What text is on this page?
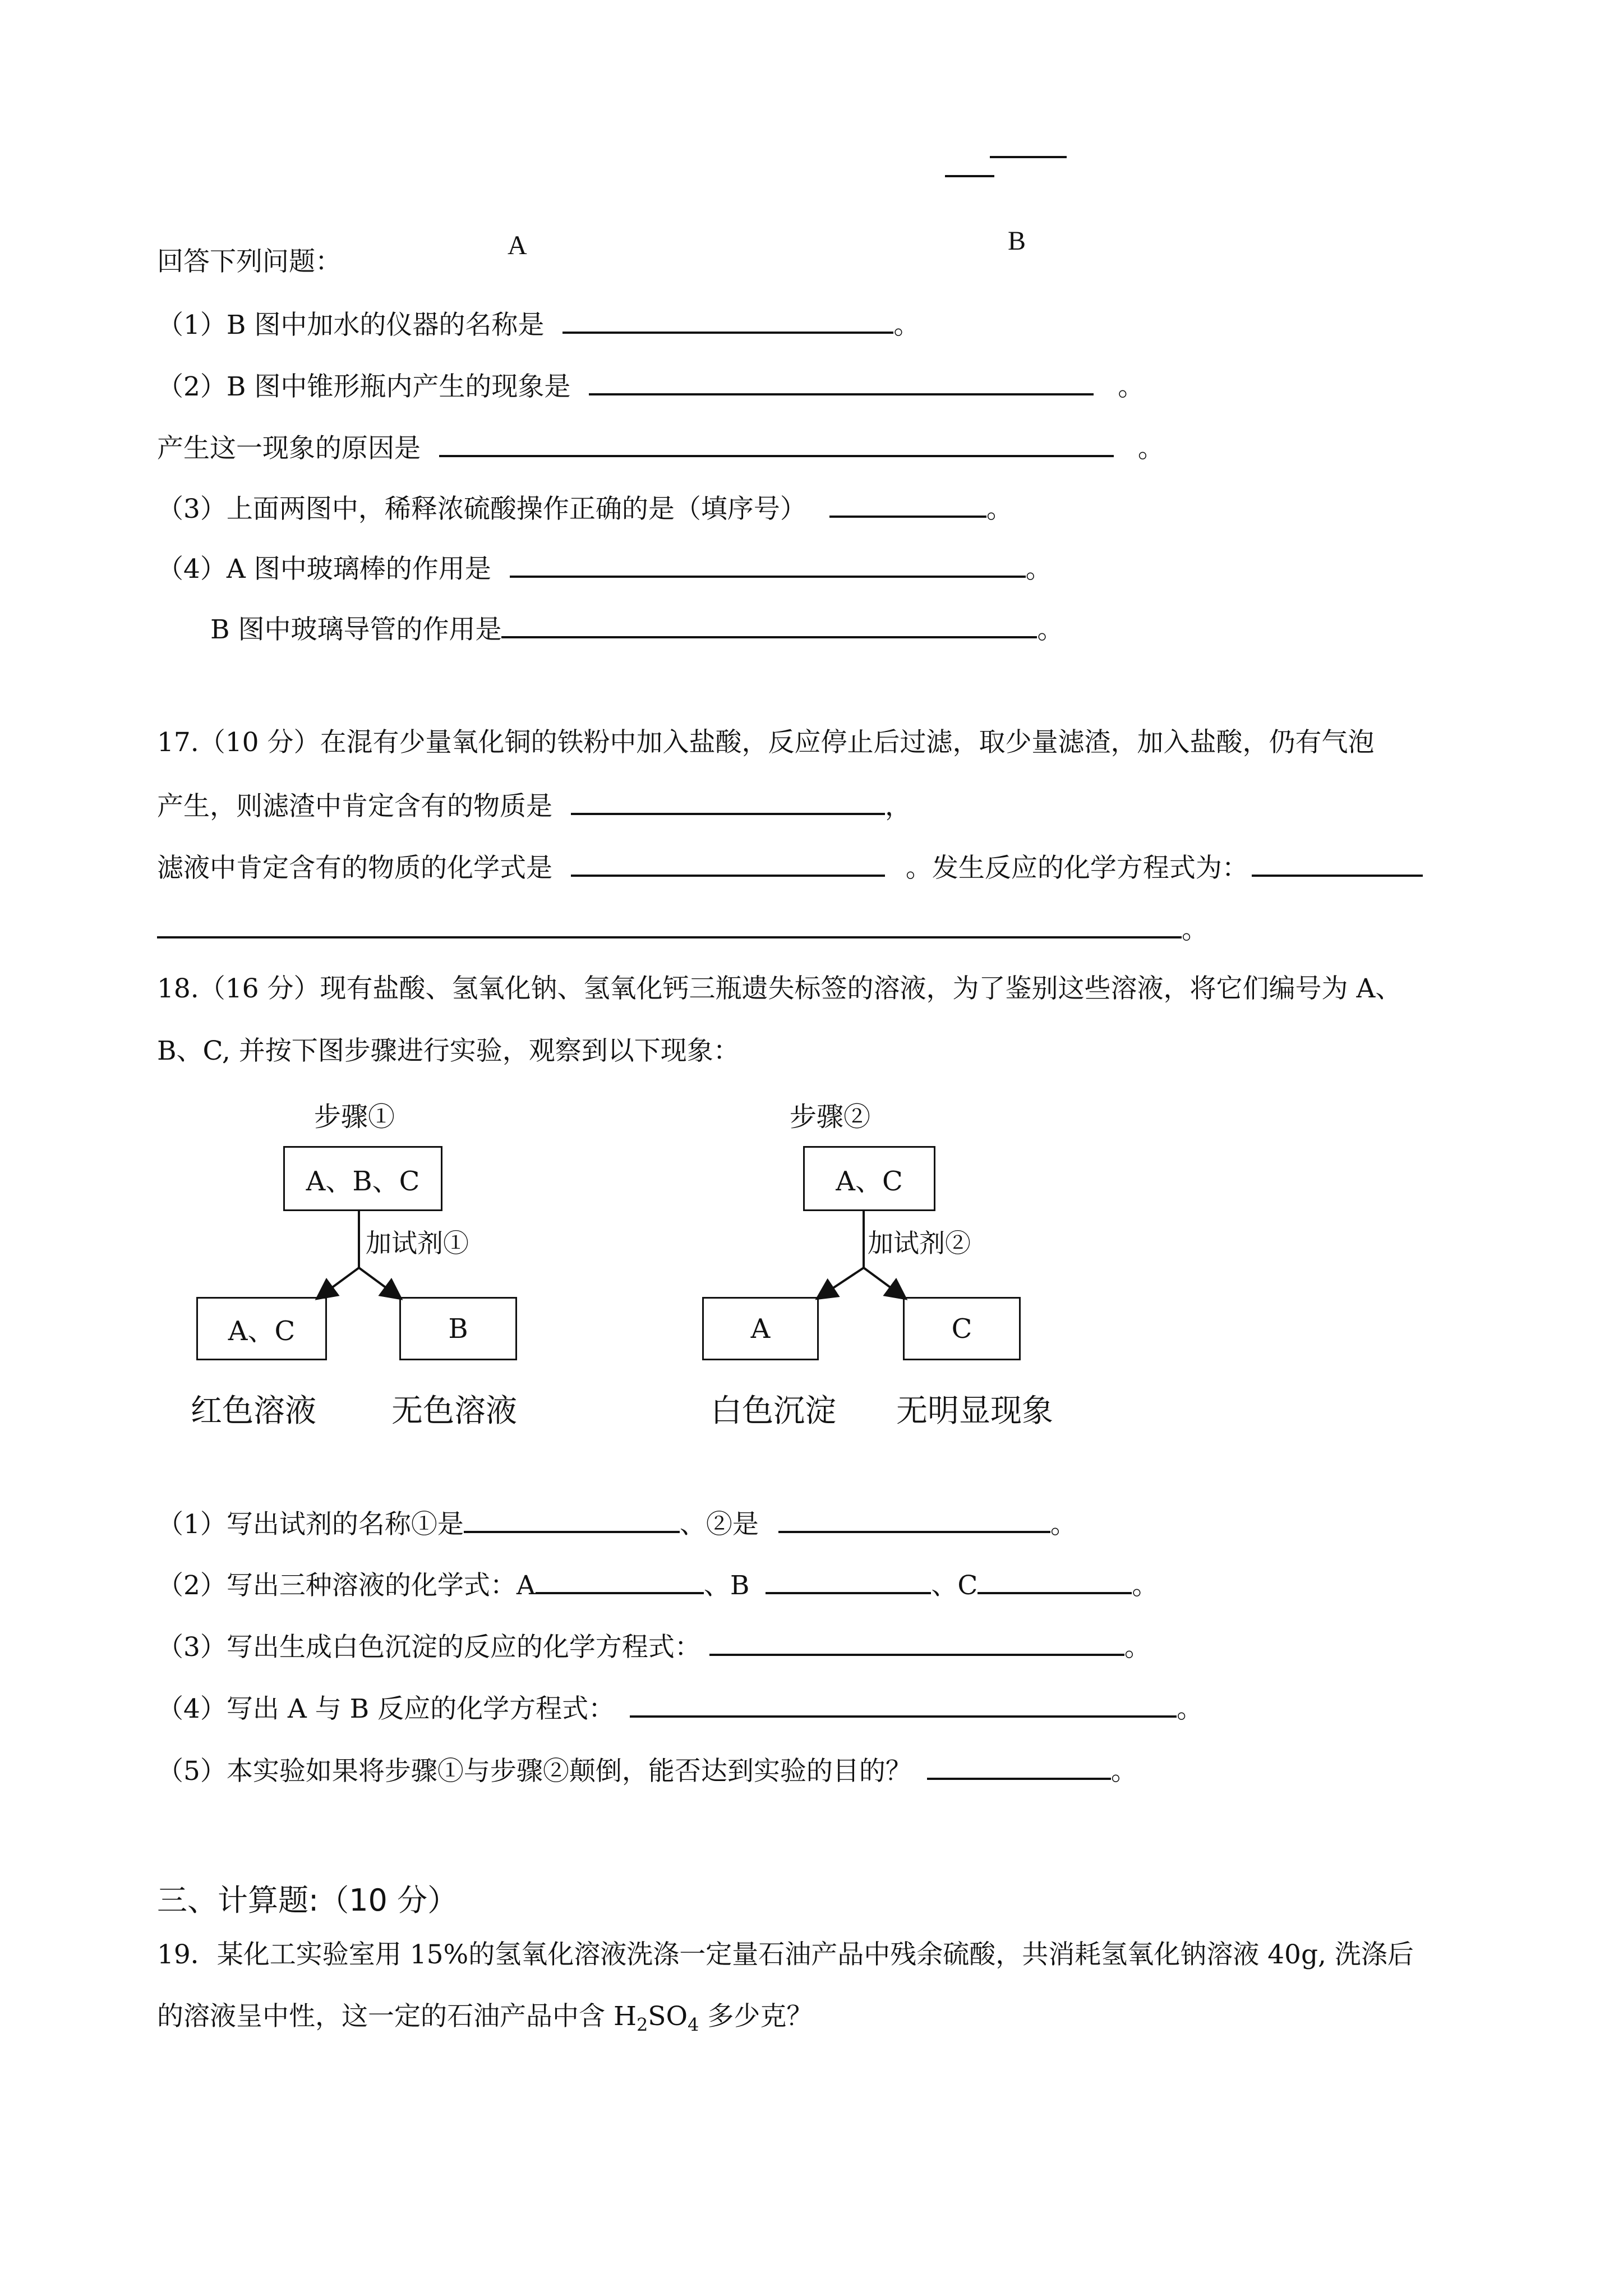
A	B
回答下列问题：
（1）B 图中加水的仪器的名称是	。
（2）B 图中锥形瓶内产生的现象是	。
产生这一现象的原因是	。
（3）上面两图中，稀释浓硫酸操作正确的是（填序号）	。
（4）A 图中玻璃棒的作用是	。
B 图中玻璃导管的作用是	。
17.（10 分）在混有少量氧化铜的铁粉中加入盐酸，反应停止后过滤，取少量滤渣，加入盐酸，仍有气泡
产生，则滤渣中肯定含有的物质是	，
滤液中肯定含有的物质的化学式是	。发生反应的化学方程式为：
。
18.（16 分）现有盐酸、氢氧化钠、氢氧化钙三瓶遗失标签的溶液，为了鉴别这些溶液，将它们编号为 A、
B、C, 并按下图步骤进行实验，观察到以下现象：
步骤①
A、B、C
加试剂①
A、C	B
红色溶液 无色溶液
步骤②
A、C
加试剂②
A	C
白色沉淀 无明显现象
（1）写出试剂的名称①是	、②是	。
（2）写出三种溶液的化学式：A	、B	、C	。
（3）写出生成白色沉淀的反应的化学方程式：	。
（4）写出 A 与 B 反应的化学方程式：	。
（5）本实验如果将步骤①与步骤②颠倒，能否达到实验的目的？	。
三、计算题:（10 分）
19．某化工实验室用 15%的氢氧化溶液洗涤一定量石油产品中残余硫酸，共消耗氢氧化钠溶液 40g, 洗涤后
的溶液呈中性，这一定的石油产品中含 $H_2SO_4$ 多少克？
